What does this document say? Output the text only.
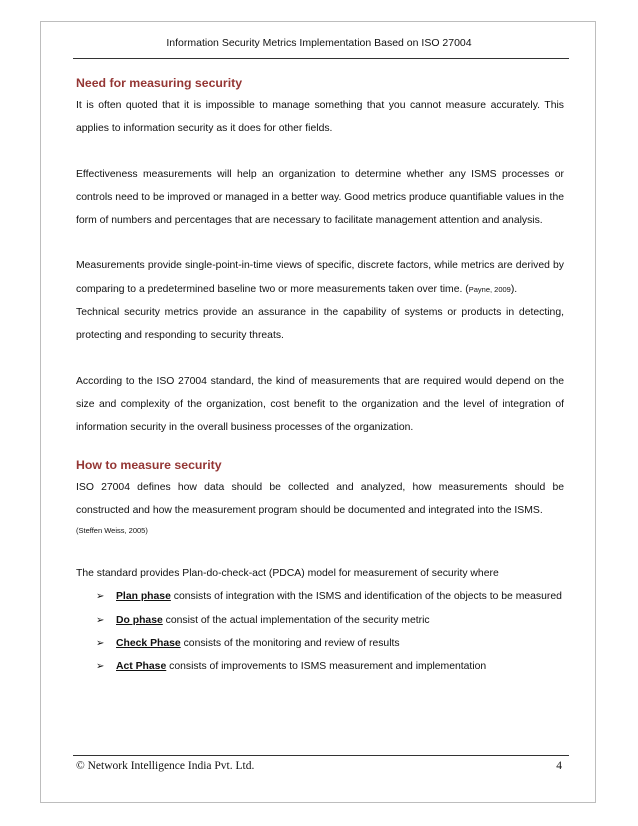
Information Security Metrics Implementation Based on ISO 27004
Need for measuring security

It is often quoted that it is impossible to manage something that you cannot measure accurately. This applies to information security as it does for other fields.

Effectiveness measurements will help an organization to determine whether any ISMS processes or controls need to be improved or managed in a better way. Good metrics produce quantifiable values in the form of numbers and percentages that are necessary to facilitate management attention and analysis.

Measurements provide single-point-in-time views of specific, discrete factors, while metrics are derived by comparing to a predetermined baseline two or more measurements taken over time. (Payne, 2009).

Technical security metrics provide an assurance in the capability of systems or products in detecting, protecting and responding to security threats.

According to the ISO 27004 standard, the kind of measurements that are required would depend on the size and complexity of the organization, cost benefit to the organization and the level of integration of information security in the overall business processes of the organization.

How to measure security

ISO 27004 defines how data should be collected and analyzed, how measurements should be constructed and how the measurement program should be documented and integrated into the ISMS.

(Steffen Weiss, 2005)

The standard provides Plan-do-check-act (PDCA) model for measurement of security where

➢ Plan phase consists of integration with the ISMS and identification of the objects to be measured
➢ Do phase consist of the actual implementation of the security metric
➢ Check Phase consists of the monitoring and review of results
➢ Act Phase consists of improvements to ISMS measurement and implementation
© Network Intelligence India Pvt. Ltd.	4
